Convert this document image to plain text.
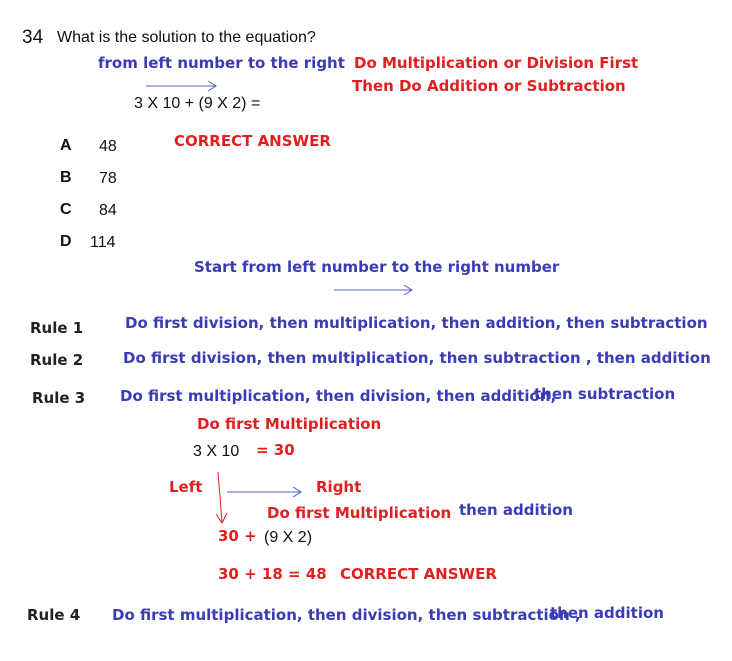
34 What is the solution to the equation?
from left number to the right Do Multiplication or Division First
Then Do Addition or Subtraction
3 X 10 + (9 X 2) =
A 48
B 78
C 84
D 114
CORRECT ANSWER
Start from left number to the right number
Rule 1	Do first division, then multiplication, then addition, then subtraction
Rule 2	Do first division, then multiplication, then subtraction , then addition
Rule 3 Do first multiplication, then division, then addition,
then subtraction
Do first Multiplication
3 X 10 = 30
Left	Right
Do first Multiplication then addition
30 + (9 X 2)
30 + 18 = 48 CORRECT ANSWER
Rule 4 Do first multiplication, then division, then subtraction ,
then addition
